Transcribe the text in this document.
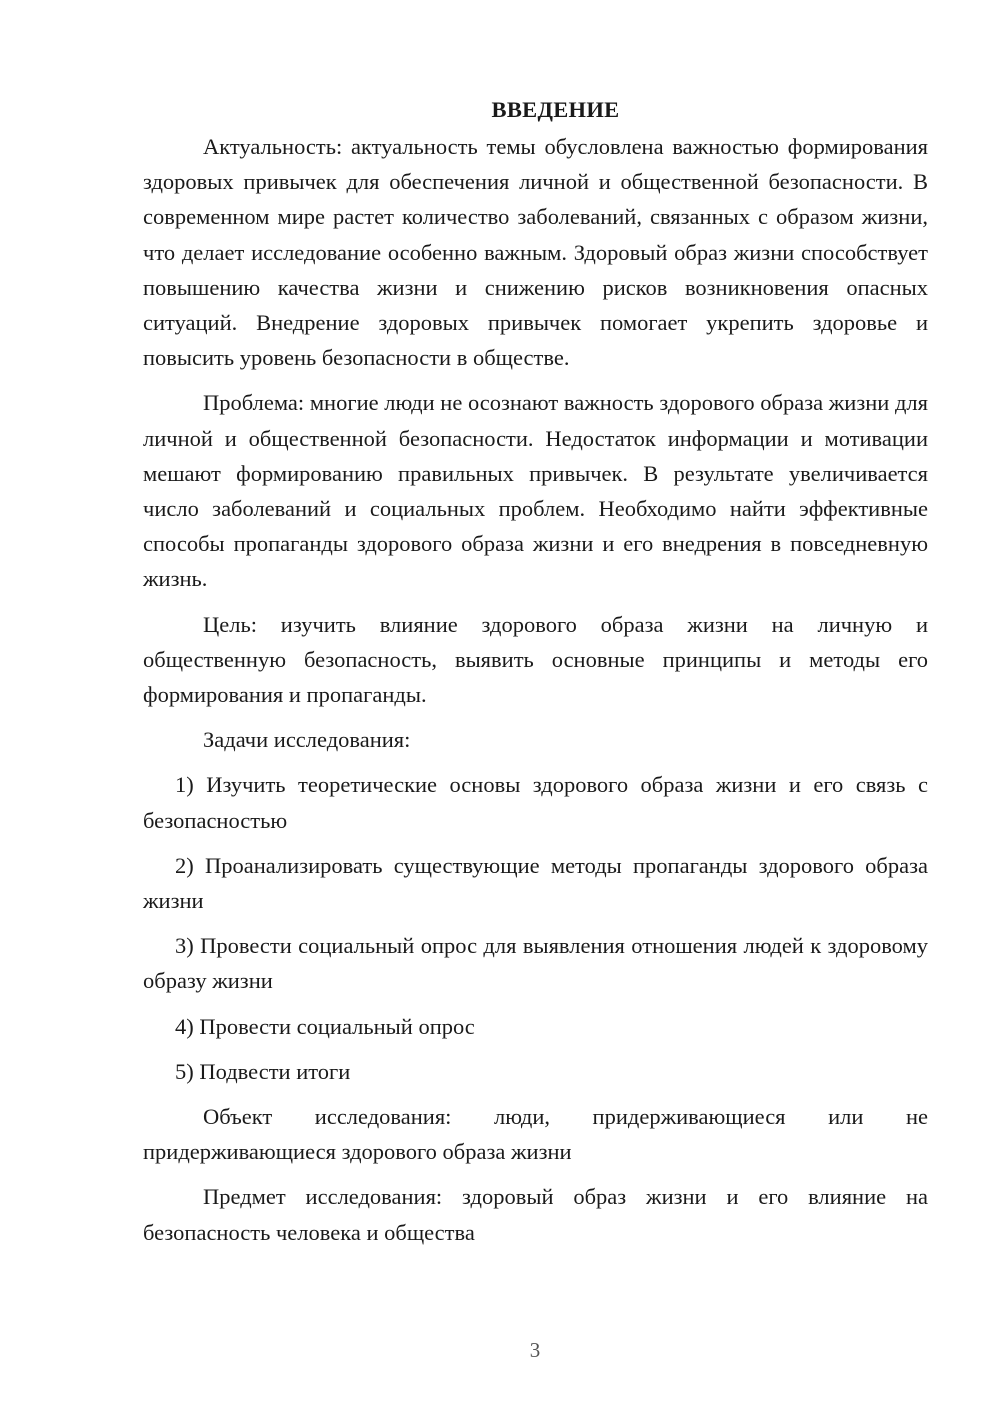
ВВЕДЕНИЕ

Актуальность: актуальность темы обусловлена важностью формирования здоровых привычек для обеспечения личной и общественной безопасности. В современном мире растет количество заболеваний, связанных с образом жизни, что делает исследование особенно важным. Здоровый образ жизни способствует повышению качества жизни и снижению рисков возникновения опасных ситуаций. Внедрение здоровых привычек помогает укрепить здоровье и повысить уровень безопасности в обществе.

Проблема: многие люди не осознают важность здорового образа жизни для личной и общественной безопасности. Недостаток информации и мотивации мешают формированию правильных привычек. В результате увеличивается число заболеваний и социальных проблем. Необходимо найти эффективные способы пропаганды здорового образа жизни и его внедрения в повседневную жизнь.

Цель: изучить влияние здорового образа жизни на личную и общественную безопасность, выявить основные принципы и методы его формирования и пропаганды.

Задачи исследования:

1) Изучить теоретические основы здорового образа жизни и его связь с безопасностью

2) Проанализировать существующие методы пропаганды здорового образа жизни

3) Провести социальный опрос для выявления отношения людей к здоровому образу жизни

4) Провести социальный опрос

5) Подвести итоги

Объект исследования: люди, придерживающиеся или не придерживающиеся здорового образа жизни

Предмет исследования: здоровый образ жизни и его влияние на безопасность человека и общества

3
